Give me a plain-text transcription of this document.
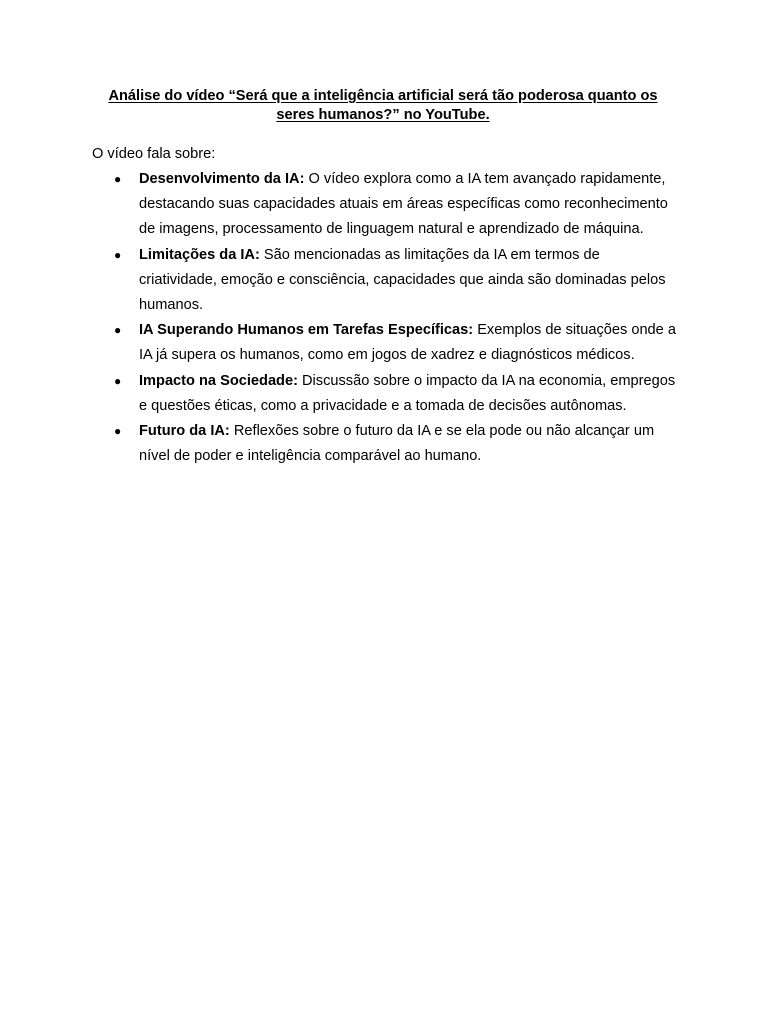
Análise do vídeo “Será que a inteligência artificial será tão poderosa quanto os seres humanos?” no YouTube.

O vídeo fala sobre:

● Desenvolvimento da IA: O vídeo explora como a IA tem avançado rapidamente, destacando suas capacidades atuais em áreas específicas como reconhecimento de imagens, processamento de linguagem natural e aprendizado de máquina.
● Limitações da IA: São mencionadas as limitações da IA em termos de criatividade, emoção e consciência, capacidades que ainda são dominadas pelos humanos.
● IA Superando Humanos em Tarefas Específicas: Exemplos de situações onde a IA já supera os humanos, como em jogos de xadrez e diagnósticos médicos.
● Impacto na Sociedade: Discussão sobre o impacto da IA na economia, empregos e questões éticas, como a privacidade e a tomada de decisões autônomas.
● Futuro da IA: Reflexões sobre o futuro da IA e se ela pode ou não alcançar um nível de poder e inteligência comparável ao humano.
